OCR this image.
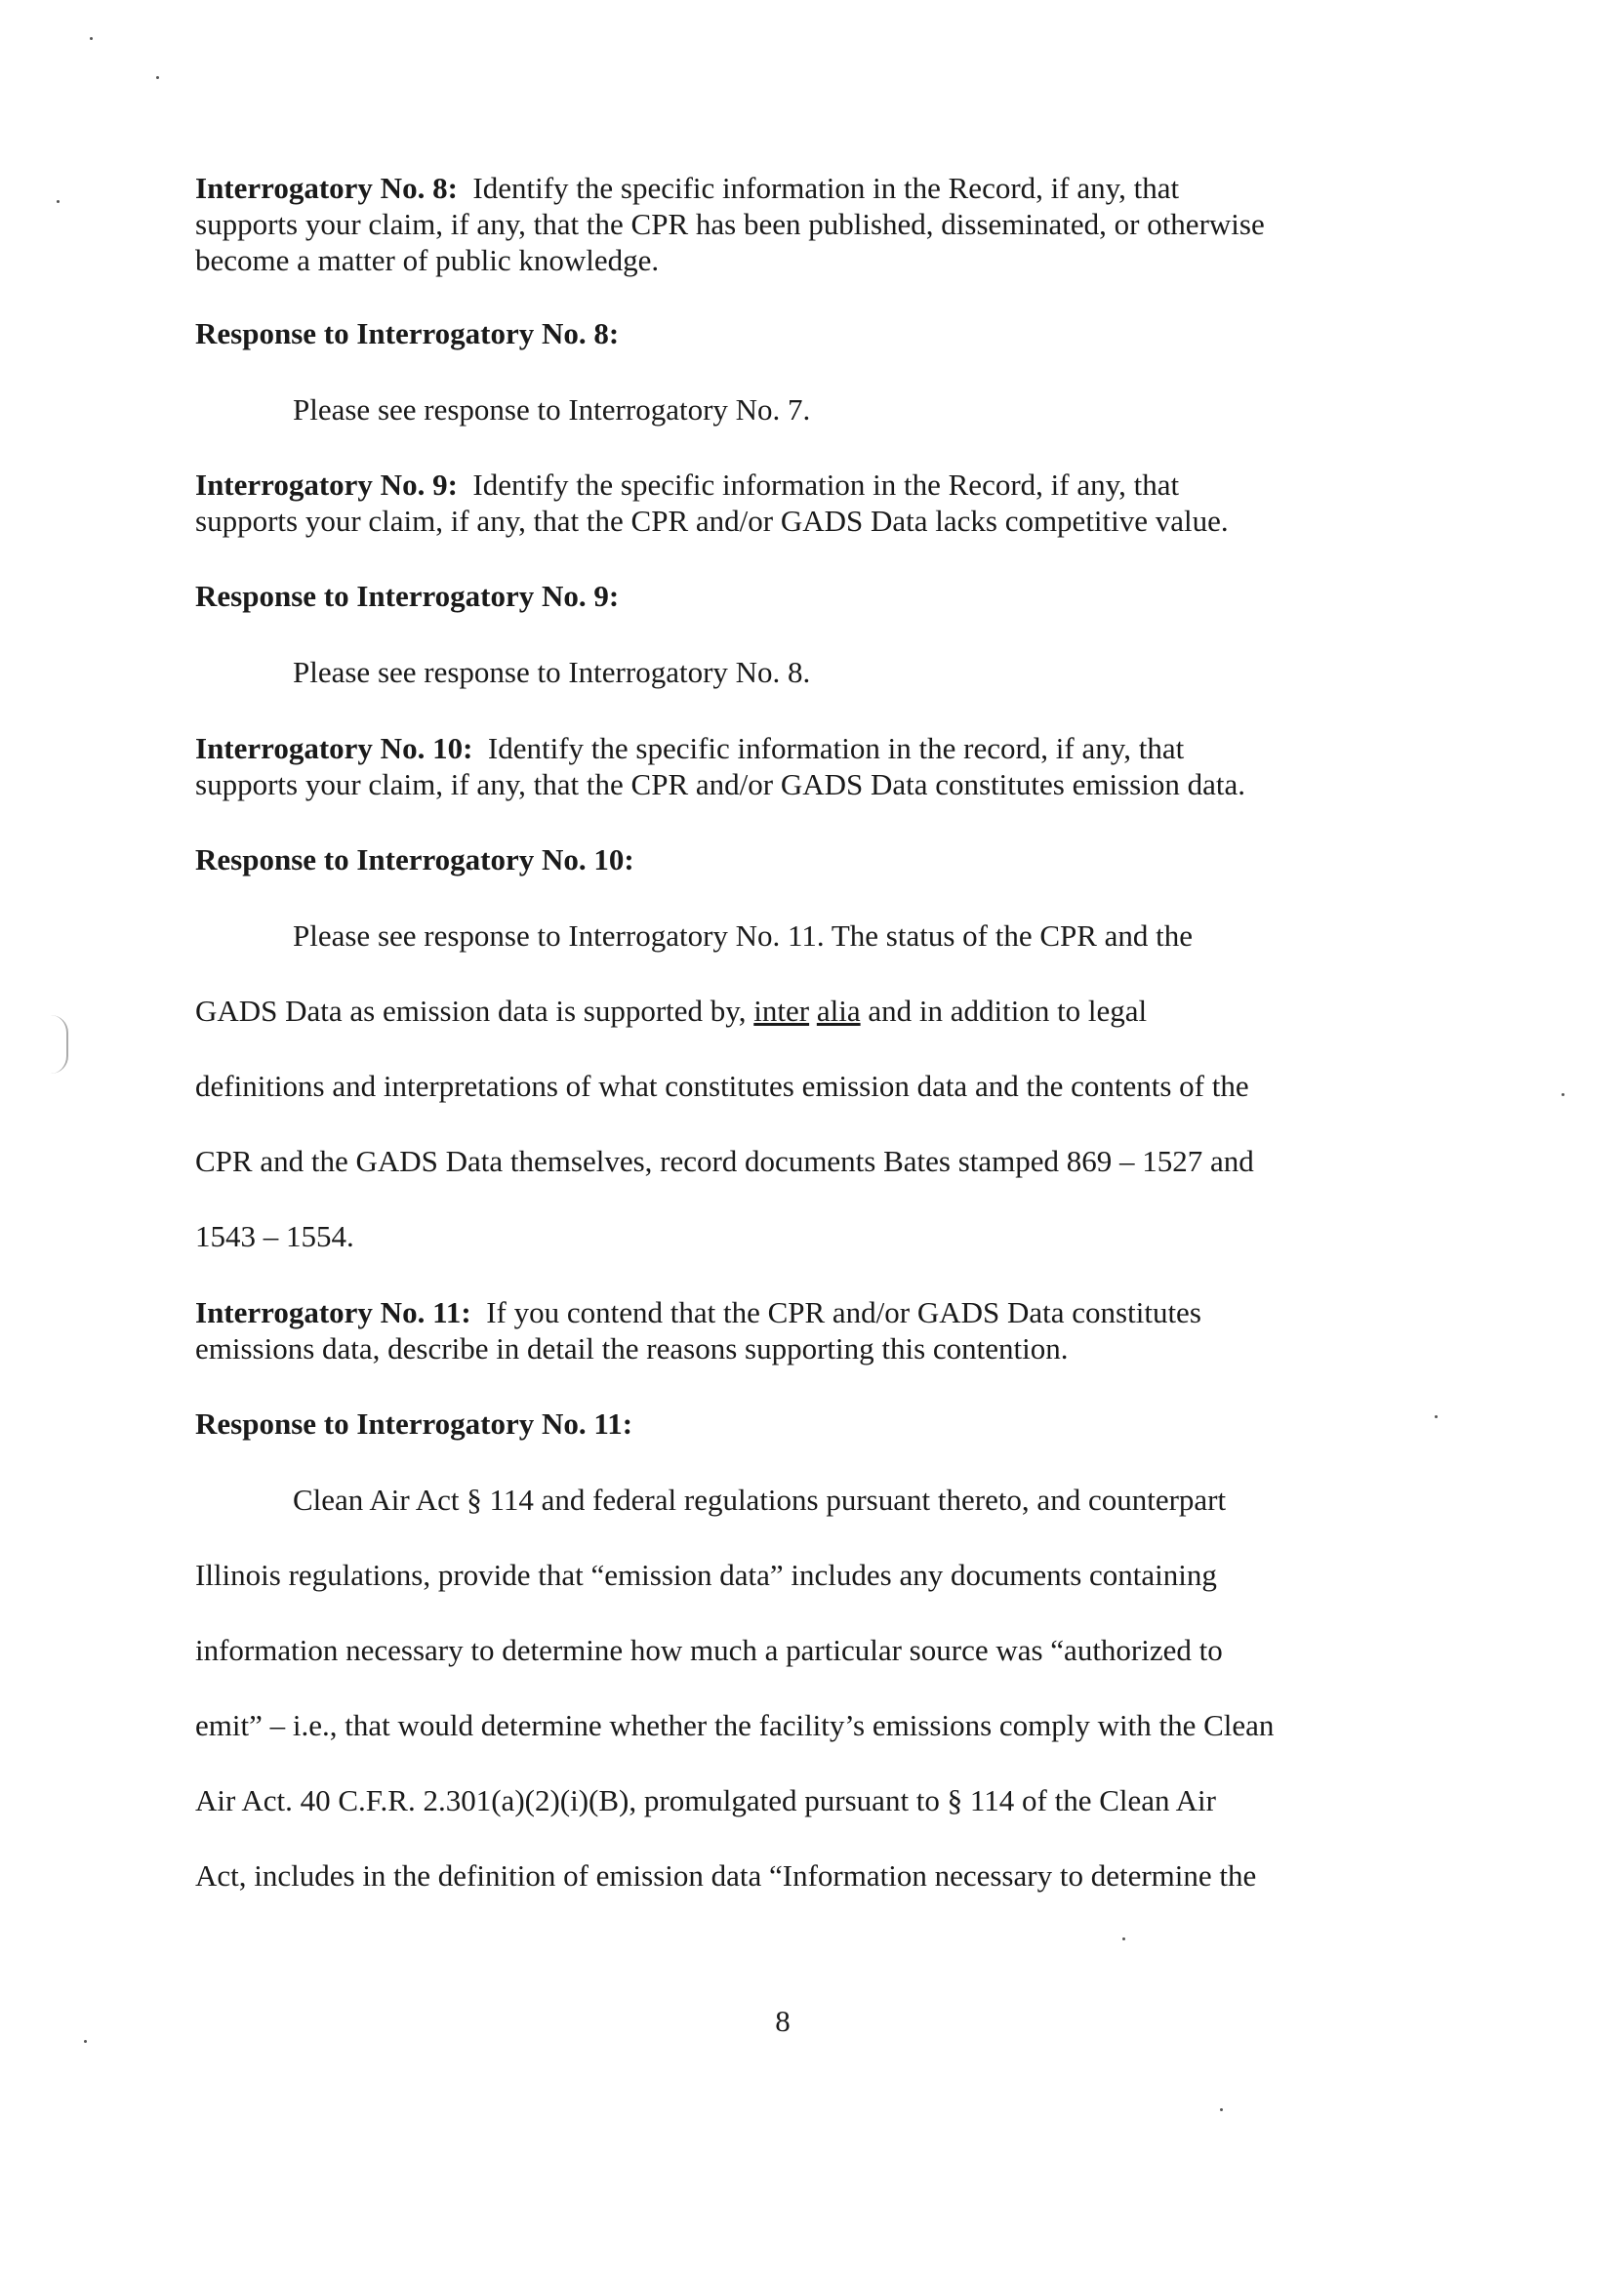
Interrogatory No. 8: Identify the specific information in the Record, if any, that
supports your claim, if any, that the CPR has been published, disseminated, or otherwise
become a matter of public knowledge.
Response to Interrogatory No. 8:
Please see response to Interrogatory No. 7.
Interrogatory No. 9: Identify the specific information in the Record, if any, that
supports your claim, if any, that the CPR and/or GADS Data lacks competitive value.
Response to Interrogatory No. 9:
Please see response to Interrogatory No. 8.
Interrogatory No. 10: Identify the specific information in the record, if any, that
supports your claim, if any, that the CPR and/or GADS Data constitutes emission data.
Response to Interrogatory No. 10:
Please see response to Interrogatory No. 11. The status of the CPR and the
GADS Data as emission data is supported by, inter alia and in addition to legal
definitions and interpretations of what constitutes emission data and the contents of the
CPR and the GADS Data themselves, record documents Bates stamped 869 – 1527 and
1543 – 1554.
Interrogatory No. 11: If you contend that the CPR and/or GADS Data constitutes
emissions data, describe in detail the reasons supporting this contention.
Response to Interrogatory No. 11:
Clean Air Act § 114 and federal regulations pursuant thereto, and counterpart
Illinois regulations, provide that “emission data” includes any documents containing
information necessary to determine how much a particular source was “authorized to
emit” – i.e., that would determine whether the facility’s emissions comply with the Clean
Air Act. 40 C.F.R. 2.301(a)(2)(i)(B), promulgated pursuant to § 114 of the Clean Air
Act, includes in the definition of emission data “Information necessary to determine the
8
